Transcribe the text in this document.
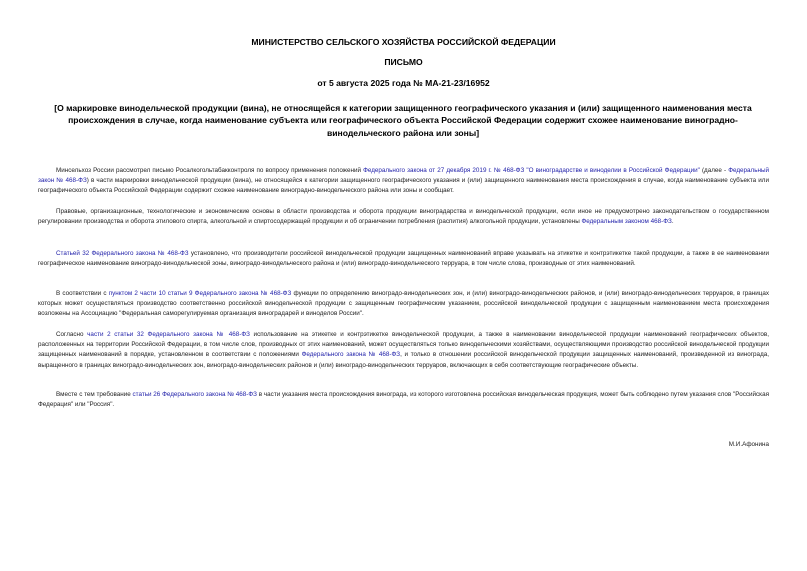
МИНИСТЕРСТВО СЕЛЬСКОГО ХОЗЯЙСТВА РОССИЙСКОЙ ФЕДЕРАЦИИ
ПИСЬМО
от 5 августа 2025 года № МА-21-23/16952
[О маркировке винодельческой продукции (вина), не относящейся к категории защищенного географического указания и (или) защищенного наименования места происхождения в случае, когда наименование субъекта или географического объекта Российской Федерации содержит схожее наименование виноградно-винодельческого района или зоны]

Минсельхоз России рассмотрел письмо Росалкогольтабакконтроля по вопросу применения положений Федерального закона от 27 декабря 2019 г. № 468-ФЗ "О виноградарстве и виноделии в Российской Федерации" (далее - Федеральный закон № 468-ФЗ) в части маркировки винодельческой продукции (вина), не относящейся к категории защищенного географического указания и (или) защищенного наименования места происхождения в случае, когда наименование субъекта или географического объекта Российской Федерации содержит схожее наименование виноградно-винодельческого района или зоны и сообщает.

Правовые, организационные, технологические и экономические основы в области производства и оборота продукции виноградарства и винодельческой продукции, если иное не предусмотрено законодательством о государственном регулировании производства и оборота этилового спирта, алкогольной и спиртосодержащей продукции и об ограничении потребления (распития) алкогольной продукции, установлены Федеральным законом 468-ФЗ.

Статьей 32 Федерального закона № 468-ФЗ установлено, что производители российской винодельческой продукции защищенных наименований вправе указывать на этикетке и контрэтикетке такой продукции, а также в ее наименовании географическое наименование виноградо-винодельческой зоны, виноградо-винодельческого района и (или) виноградо-винодельческого терруара, в том числе слова, производные от этих наименований.

В соответствии с пунктом 2 части 10 статьи 9 Федерального закона № 468-ФЗ функции по определению виноградо-винодельческих зон, и (или) виноградо-винодельческих районов, и (или) виноградо-винодельческих терруаров, в границах которых может осуществляться производство соответственно российской винодельческой продукции с защищенным географическим указанием, российской винодельческой продукции с защищенным наименованием места происхождения возложены на Ассоциацию "Федеральная саморегулируемая организация виноградарей и виноделов России".

Согласно части 2 статьи 32 Федерального закона № 468-ФЗ использование на этикетке и контрэтикетке винодельческой продукции, а также в наименовании винодельческой продукции наименований географических объектов, расположенных на территории Российской Федерации, в том числе слов, производных от этих наименований, может осуществляться только винодельческими хозяйствами, осуществляющими производство российской винодельческой продукции защищенных наименований в порядке, установленном в соответствии с положениями Федерального закона № 468-ФЗ, и только в отношении российской винодельческой продукции защищенных наименований, произведенной из винограда, выращенного в границах виноградо-винодельческих зон, виноградо-винодельческих районов и (или) виноградо-винодельческих терруаров, включающих в себя соответствующие географические объекты.

Вместе с тем требование статьи 26 Федерального закона № 468-ФЗ в части указания места происхождения винограда, из которого изготовлена российская винодельческая продукция, может быть соблюдено путем указания слов "Российская Федерация" или "Россия".

М.И.Афонина
